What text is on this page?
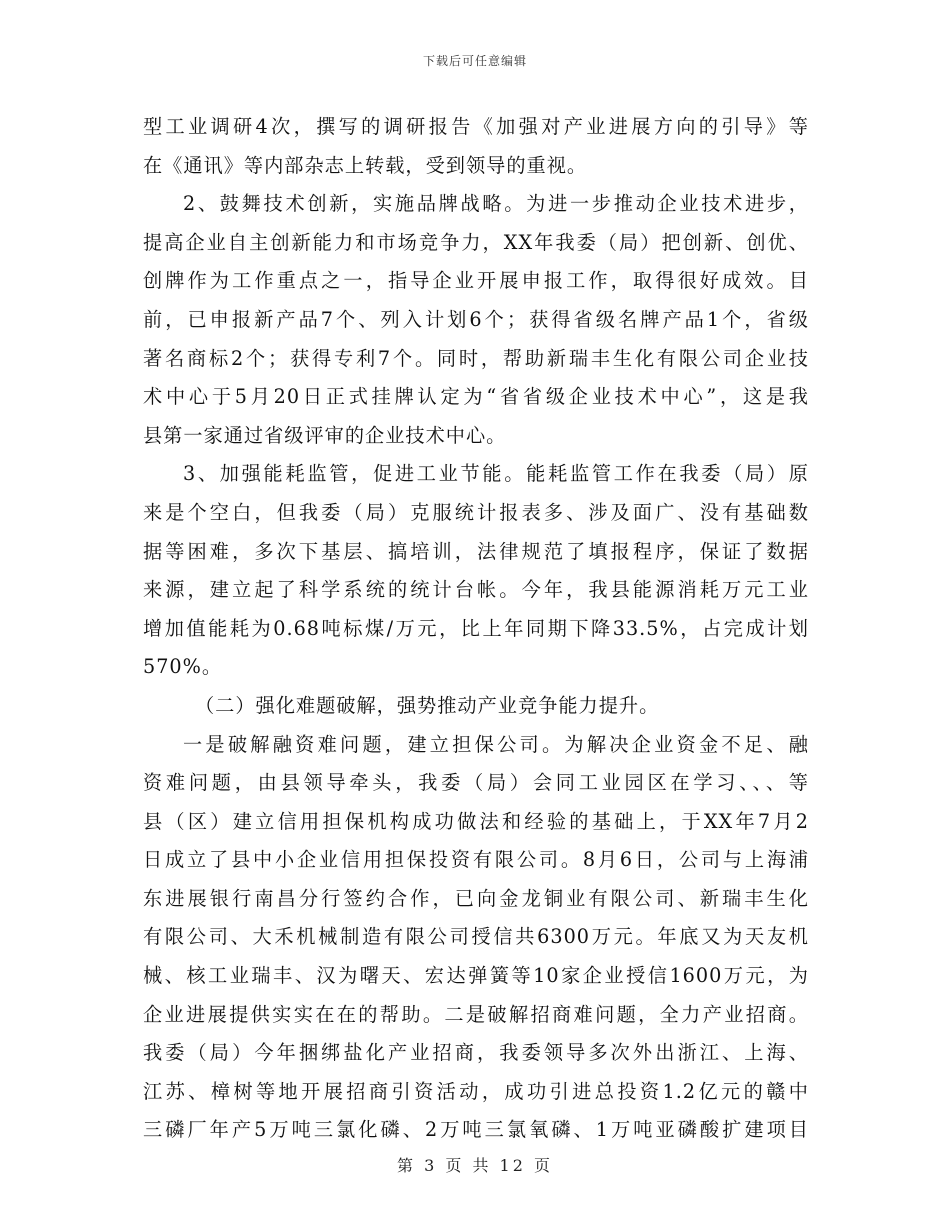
下载后可任意编辑
型工业调研4次，撰写的调研报告《加强对产业进展方向的引导》等
在《通讯》等内部杂志上转载，受到领导的重视。
2、鼓舞技术创新，实施品牌战略。为进一步推动企业技术进步，
提高企业自主创新能力和市场竞争力，XX年我委（局）把创新、创优、
创牌作为工作重点之一，指导企业开展申报工作，取得很好成效。目
前，已申报新产品7个、列入计划6个；获得省级名牌产品1个，省级
著名商标2个；获得专利7个。同时，帮助新瑞丰生化有限公司企业技
术中心于5月20日正式挂牌认定为“省省级企业技术中心”，这是我
县第一家通过省级评审的企业技术中心。
3、加强能耗监管，促进工业节能。能耗监管工作在我委（局）原
来是个空白，但我委（局）克服统计报表多、涉及面广、没有基础数
据等困难，多次下基层、搞培训，法律规范了填报程序，保证了数据
来源，建立起了科学系统的统计台帐。今年，我县能源消耗万元工业
增加值能耗为0.68吨标煤/万元，比上年同期下降33.5%，占完成计划
570%。
（二）强化难题破解，强势推动产业竞争能力提升。
一是破解融资难问题，建立担保公司。为解决企业资金不足、融
资难问题，由县领导牵头，我委（局）会同工业园区在学习、、、等
县（区）建立信用担保机构成功做法和经验的基础上，于XX年7月2
日成立了县中小企业信用担保投资有限公司。8月6日，公司与上海浦
东进展银行南昌分行签约合作，已向金龙铜业有限公司、新瑞丰生化
有限公司、大禾机械制造有限公司授信共6300万元。年底又为天友机
械、核工业瑞丰、汉为曙天、宏达弹簧等10家企业授信1600万元，为
企业进展提供实实在在的帮助。二是破解招商难问题，全力产业招商。
我委（局）今年捆绑盐化产业招商，我委领导多次外出浙江、上海、
江苏、樟树等地开展招商引资活动，成功引进总投资1.2亿元的赣中
三磷厂年产5万吨三氯化磷、2万吨三氯氧磷、1万吨亚磷酸扩建项目
第 3 页 共 12 页
